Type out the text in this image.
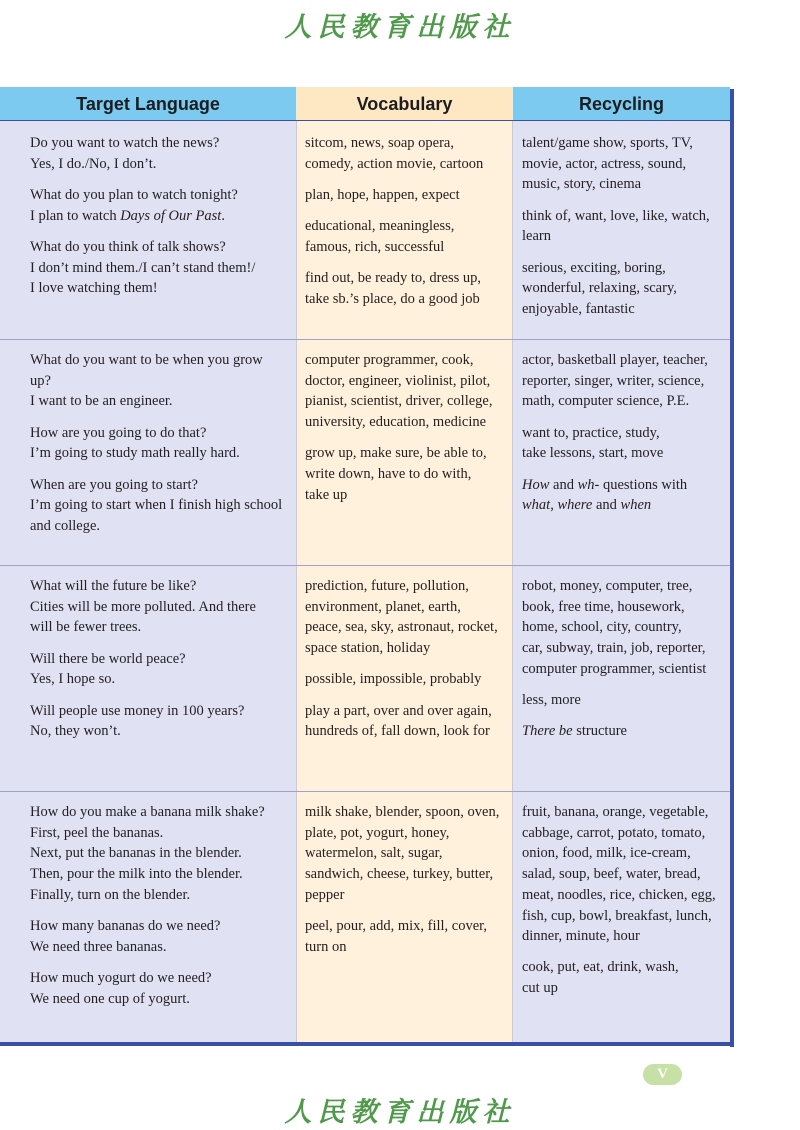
人民教育出版社
Target Language	Vocabulary	Recycling

Do you want to watch the news?
Yes, I do./No, I don’t.

What do you plan to watch tonight?
I plan to watch Days of Our Past.

What do you think of talk shows?
I don’t mind them./I can’t stand them!/
I love watching them!

sitcom, news, soap opera,
comedy, action movie, cartoon

plan, hope, happen, expect

educational, meaningless,
famous, rich, successful

find out, be ready to, dress up,
take sb.’s place, do a good job

talent/game show, sports, TV,
movie, actor, actress, sound,
music, story, cinema

think of, want, love, like, watch,
learn

serious, exciting, boring,
wonderful, relaxing, scary,
enjoyable, fantastic

What do you want to be when you grow
up?
I want to be an engineer.

How are you going to do that?
I’m going to study math really hard.

When are you going to start?
I’m going to start when I finish high school
and college.

computer programmer, cook,
doctor, engineer, violinist, pilot,
pianist, scientist, driver, college,
university, education, medicine

grow up, make sure, be able to,
write down, have to do with,
take up

actor, basketball player, teacher,
reporter, singer, writer, science,
math, computer science, P.E.

want to, practice, study,
take lessons, start, move

How and wh- questions with
what, where and when

What will the future be like?
Cities will be more polluted. And there
will be fewer trees.

Will there be world peace?
Yes, I hope so.

Will people use money in 100 years?
No, they won’t.

prediction, future, pollution,
environment, planet, earth,
peace, sea, sky, astronaut, rocket,
space station, holiday

possible, impossible, probably

play a part, over and over again,
hundreds of, fall down, look for

robot, money, computer, tree,
book, free time, housework,
home, school, city, country,
car, subway, train, job, reporter,
computer programmer, scientist

less, more

There be structure

How do you make a banana milk shake?
First, peel the bananas.
Next, put the bananas in the blender.
Then, pour the milk into the blender.
Finally, turn on the blender.

How many bananas do we need?
We need three bananas.

How much yogurt do we need?
We need one cup of yogurt.

milk shake, blender, spoon, oven,
plate, pot, yogurt, honey,
watermelon, salt, sugar,
sandwich, cheese, turkey, butter,
pepper

peel, pour, add, mix, fill, cover,
turn on

fruit, banana, orange, vegetable,
cabbage, carrot, potato, tomato,
onion, food, milk, ice-cream,
salad, soup, beef, water, bread,
meat, noodles, rice, chicken, egg,
fish, cup, bowl, breakfast, lunch,
dinner, minute, hour

cook, put, eat, drink, wash,
cut up

V
人民教育出版社
